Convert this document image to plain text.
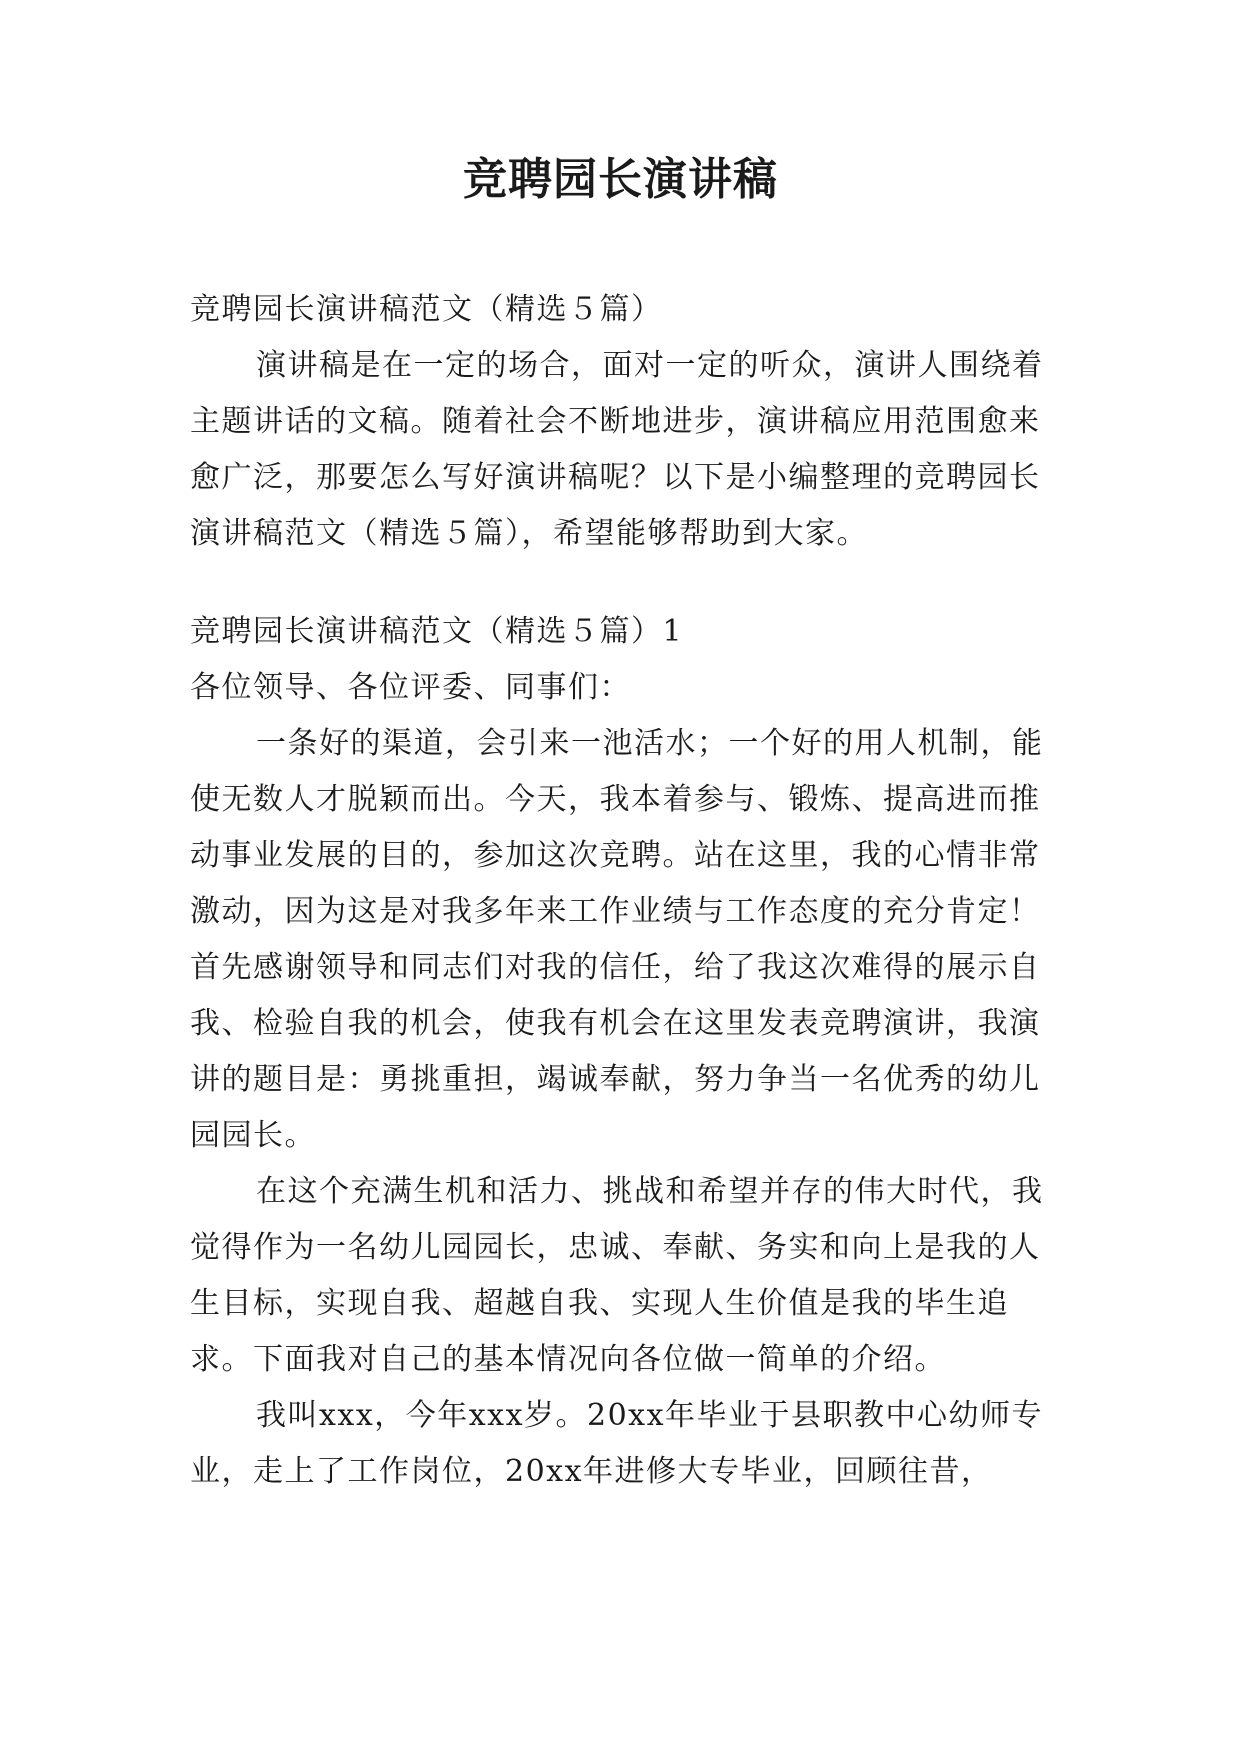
竞聘园长演讲稿

竞聘园长演讲稿范文（精选５篇）

演讲稿是在一定的场合，面对一定的听众，演讲人围绕着主题讲话的文稿。随着社会不断地进步，演讲稿应用范围愈来愈广泛，那要怎么写好演讲稿呢？以下是小编整理的竞聘园长演讲稿范文（精选５篇），希望能够帮助到大家。

竞聘园长演讲稿范文（精选５篇）1

各位领导、各位评委、同事们：

一条好的渠道，会引来一池活水；一个好的用人机制，能使无数人才脱颖而出。今天，我本着参与、锻炼、提高进而推动事业发展的目的，参加这次竞聘。站在这里，我的心情非常激动，因为这是对我多年来工作业绩与工作态度的充分肯定！首先感谢领导和同志们对我的信任，给了我这次难得的展示自我、检验自我的机会，使我有机会在这里发表竞聘演讲，我演讲的题目是：勇挑重担，竭诚奉献，努力争当一名优秀的幼儿园园长。

在这个充满生机和活力、挑战和希望并存的伟大时代，我觉得作为一名幼儿园园长，忠诚、奉献、务实和向上是我的人生目标，实现自我、超越自我、实现人生价值是我的毕生追求。下面我对自己的基本情况向各位做一简单的介绍。

我叫xxx，今年xxx岁。20xx年毕业于县职教中心幼师专业，走上了工作岗位，20xx年进修大专毕业，回顾往昔，
